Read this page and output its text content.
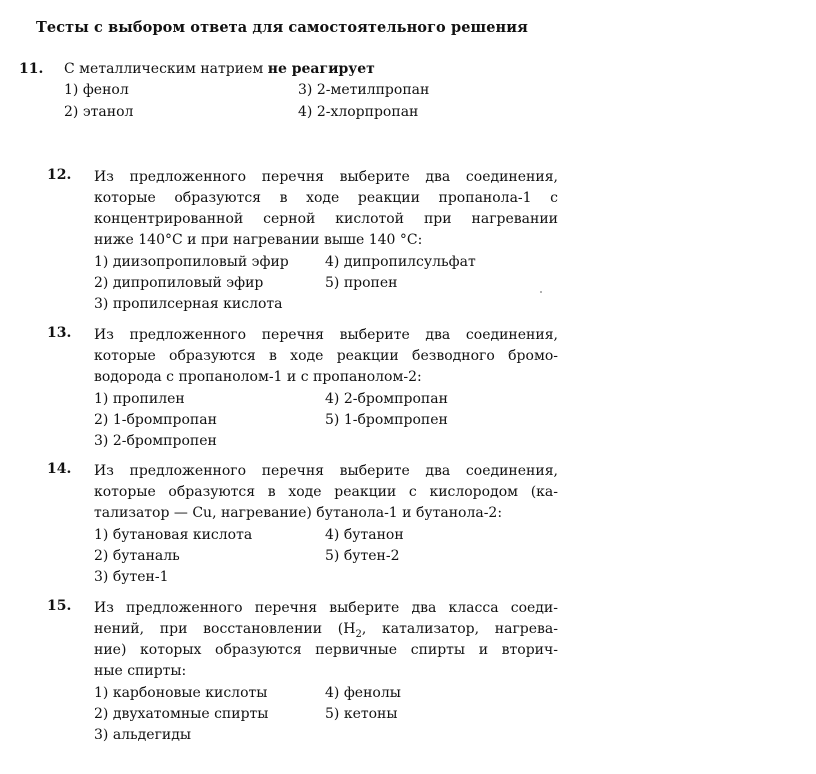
Тесты с выбором ответа для самостоятельного решения
11. С металлическим натрием не реагирует
1) фенол
2) этанол
3) 2-метилпропан
4) 2-хлорпропан
12. Из предложенного перечня выберите два соединения,
которые образуются в ходе реакции пропанола-1 с
концентрированной серной кислотой при нагревании
ниже 140°С и при нагревании выше 140 °С:
1) диизопропиловый эфир
2) дипропиловый эфир
3) пропилсерная кислота
4) дипропилсульфат
5) пропен
13. Из предложенного перечня выберите два соединения,
которые образуются в ходе реакции безводного бромо-
водорода с пропанолом-1 и с пропанолом-2:
1) пропилен
2) 1-бромпропан
3) 2-бромпропен
4) 2-бромпропан
5) 1-бромпропен
14. Из предложенного перечня выберите два соединения,
которые образуются в ходе реакции с кислородом (ка-
тализатор — Cu, нагревание) бутанола-1 и бутанола-2:
1) бутановая кислота
2) бутаналь
3) бутен-1
4) бутанон
5) бутен-2
15. Из предложенного перечня выберите два класса соеди-
нений, при восстановлении ($H_2$, катализатор, нагрева-
ние) которых образуются первичные спирты и вторич-
ные спирты:
1) карбоновые кислоты
2) двухатомные спирты
3) альдегиды
4) фенолы
5) кетоны
